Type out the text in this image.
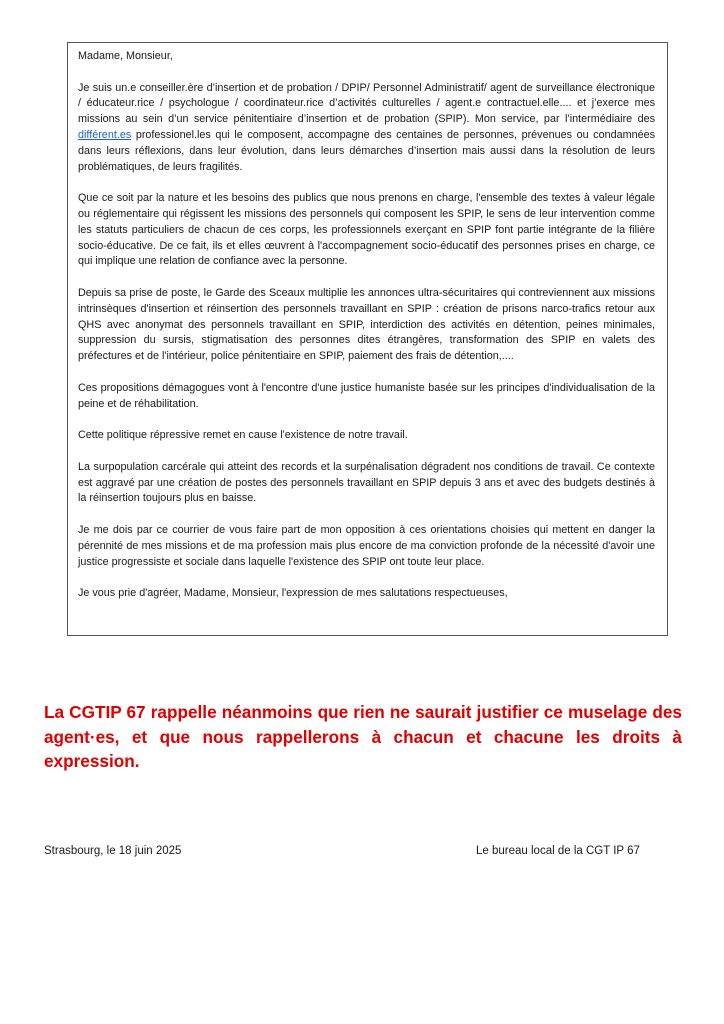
Madame, Monsieur,

Je suis un.e conseiller.ère d’insertion et de probation / DPIP/ Personnel Administratif/ agent de surveillance électronique / éducateur.rice / psychologue / coordinateur.rice d’activités culturelles / agent.e contractuel.elle.... et j’exerce mes missions au sein d’un service pénitentiaire d’insertion et de probation (SPIP). Mon service, par l’intermédiaire des différent.es professionel.les qui le composent, accompagne des centaines de personnes, prévenues ou condamnées dans leurs réflexions, dans leur évolution, dans leurs démarches d’insertion mais aussi dans la résolution de leurs problématiques, de leurs fragilités.

Que ce soit par la nature et les besoins des publics que nous prenons en charge, l'ensemble des textes à valeur légale ou réglementaire qui régissent les missions des personnels qui composent les SPIP, le sens de leur intervention comme les statuts particuliers de chacun de ces corps, les professionnels exerçant en SPIP font partie intégrante de la filière socio-éducative. De ce fait, ils et elles œuvrent à l'accompagnement socio-éducatif des personnes prises en charge, ce qui implique une relation de confiance avec la personne.

Depuis sa prise de poste, le Garde des Sceaux multiplie les annonces ultra-sécuritaires qui contreviennent aux missions intrinsèques d'insertion et réinsertion des personnels travaillant en SPIP : création de prisons narco-trafics retour aux QHS avec anonymat des personnels travaillant en SPIP, interdiction des activités en détention, peines minimales, suppression du sursis, stigmatisation des personnes dites étrangères, transformation des SPIP en valets des préfectures et de l'intérieur, police pénitentiaire en SPIP, paiement des frais de détention,....

Ces propositions démagogues vont à l'encontre d'une justice humaniste basée sur les principes d'individualisation de la peine et de réhabilitation.

Cette politique répressive remet en cause l'existence de notre travail.

La surpopulation carcérale qui atteint des records et la surpénalisation dégradent nos conditions de travail. Ce contexte est aggravé par une création de postes des personnels travaillant en SPIP depuis 3 ans et avec des budgets destinés à la réinsertion toujours plus en baisse.

Je me dois par ce courrier de vous faire part de mon opposition à ces orientations choisies qui mettent en danger la pérennité de mes missions et de ma profession mais plus encore de ma conviction profonde de la nécessité d'avoir une justice progressiste et sociale dans laquelle l'existence des SPIP ont toute leur place.

Je vous prie d'agréer, Madame, Monsieur, l'expression de mes salutations respectueuses,

La CGTIP 67 rappelle néanmoins que rien ne saurait justifier ce muselage des agent·es, et que nous rappellerons à chacun et chacune les droits à expression.

Strasbourg, le 18 juin 2025	Le bureau local de la CGT IP 67
